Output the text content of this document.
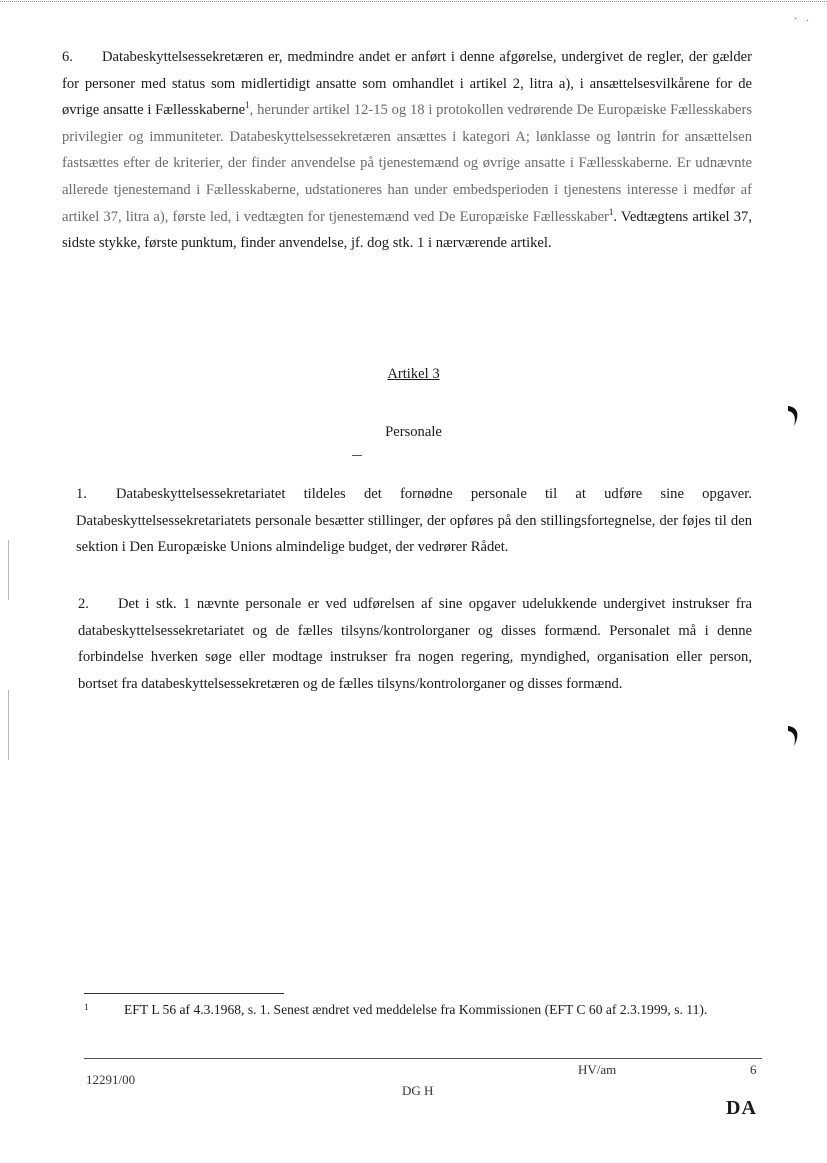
· ·

6. Databeskyttelsessekretæren er, medmindre andet er anført i denne afgørelse, undergivet de regler, der gælder for personer med status som midlertidigt ansatte som omhandlet i artikel 2, litra a), i ansættelsesvilkårene for de øvrige ansatte i Fællesskaberne$^1$, herunder artikel 12-15 og 18 i protokollen vedrørende De Europæiske Fællesskabers privilegier og immuniteter. Databeskyttelsessekretæren ansættes i kategori A; lønklasse og løntrin for ansættelsen fastsættes efter de kriterier, der finder anvendelse på tjenestemænd og øvrige ansatte i Fællesskaberne. Er udnævnte allerede tjenestemand i Fællesskaberne, udstationeres han under embedsperioden i tjenestens interesse i medfør af artikel 37, litra a), første led, i vedtægten for tjenestemænd ved De Europæiske Fællesskaber$^1$. Vedtægtens artikel 37, sidste stykke, første punktum, finder anvendelse, jf. dog stk. 1 i nærværende artikel.

Artikel 3

Personale

1. Databeskyttelsessekretariatet tildeles det fornødne personale til at udføre sine opgaver. Databeskyttelsessekretariatets personale besætter stillinger, der opføres på den stillingsfortegnelse, der føjes til den sektion i Den Europæiske Unions almindelige budget, der vedrører Rådet.

2. Det i stk. 1 nævnte personale er ved udførelsen af sine opgaver udelukkende undergivet instrukser fra databeskyttelsessekretariatet og de fælles tilsyns/kontrolorganer og disses formænd. Personalet må i denne forbindelse hverken søge eller modtage instrukser fra nogen regering, myndighed, organisation eller person, bortset fra databeskyttelsessekretæren og de fælles tilsyns/kontrolorganer og disses formænd.

1	EFT L 56 af 4.3.1968, s. 1. Senest ændret ved meddelelse fra Kommissionen (EFT C 60 af 2.3.1999, s. 11).

12291/00

HV/am	6

DG H

DA
